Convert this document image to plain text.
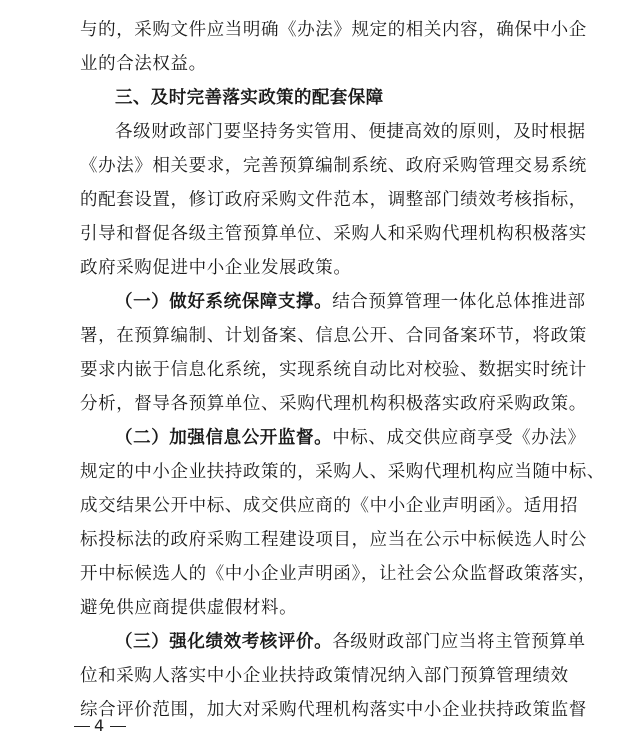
与的，采购文件应当明确《办法》规定的相关内容，确保中小企
业的合法权益。
三、及时完善落实政策的配套保障
各级财政部门要坚持务实管用、便捷高效的原则，及时根据
《办法》相关要求，完善预算编制系统、政府采购管理交易系统
的配套设置，修订政府采购文件范本，调整部门绩效考核指标，
引导和督促各级主管预算单位、采购人和采购代理机构积极落实
政府采购促进中小企业发展政策。
（一）做好系统保障支撑。结合预算管理一体化总体推进部
署，在预算编制、计划备案、信息公开、合同备案环节，将政策
要求内嵌于信息化系统，实现系统自动比对校验、数据实时统计
分析，督导各预算单位、采购代理机构积极落实政府采购政策。
（二）加强信息公开监督。中标、成交供应商享受《办法》
规定的中小企业扶持政策的，采购人、采购代理机构应当随中标、
成交结果公开中标、成交供应商的《中小企业声明函》。适用招
标投标法的政府采购工程建设项目，应当在公示中标候选人时公
开中标候选人的《中小企业声明函》，让社会公众监督政策落实，
避免供应商提供虚假材料。
（三）强化绩效考核评价。各级财政部门应当将主管预算单
位和采购人落实中小企业扶持政策情况纳入部门预算管理绩效
综合评价范围，加大对采购代理机构落实中小企业扶持政策监督
4
